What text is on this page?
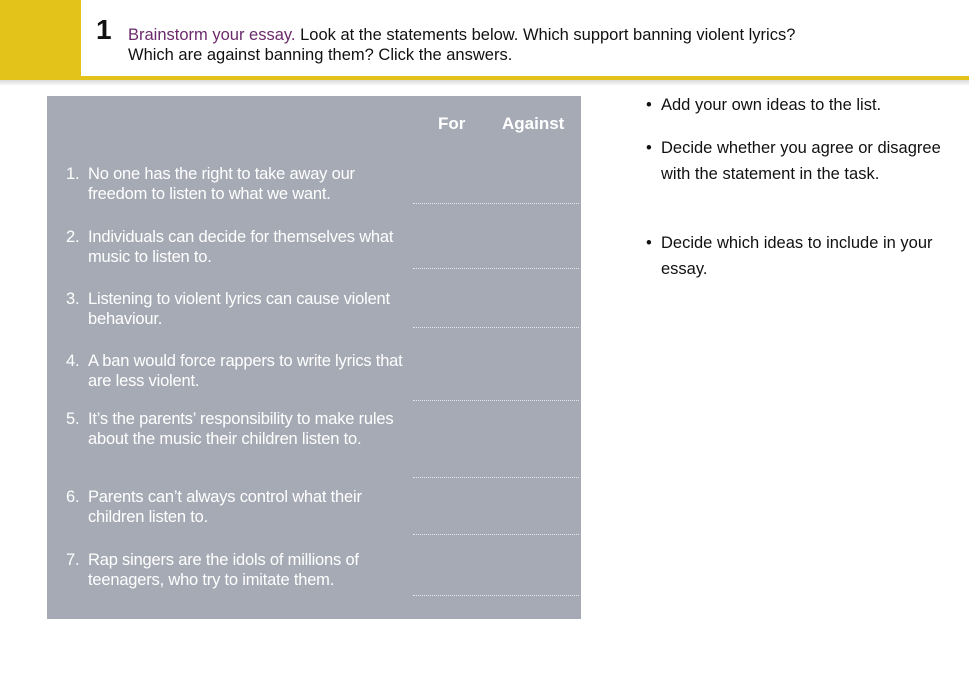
1 Brainstorm your essay. Look at the statements below. Which support banning violent lyrics?
Which are against banning them? Click the answers.
For Against
1. No one has the right to take away our freedom to listen to what we want.
2. Individuals can decide for themselves what music to listen to.
3. Listening to violent lyrics can cause violent behaviour.
4. A ban would force rappers to write lyrics that are less violent.
5. It’s the parents’ responsibility to make rules about the music their children listen to.
6. Parents can’t always control what their children listen to.
7. Rap singers are the idols of millions of teenagers, who try to imitate them.
• Add your own ideas to the list.
• Decide whether you agree or disagree with the statement in the task.
• Decide which ideas to include in your essay.
